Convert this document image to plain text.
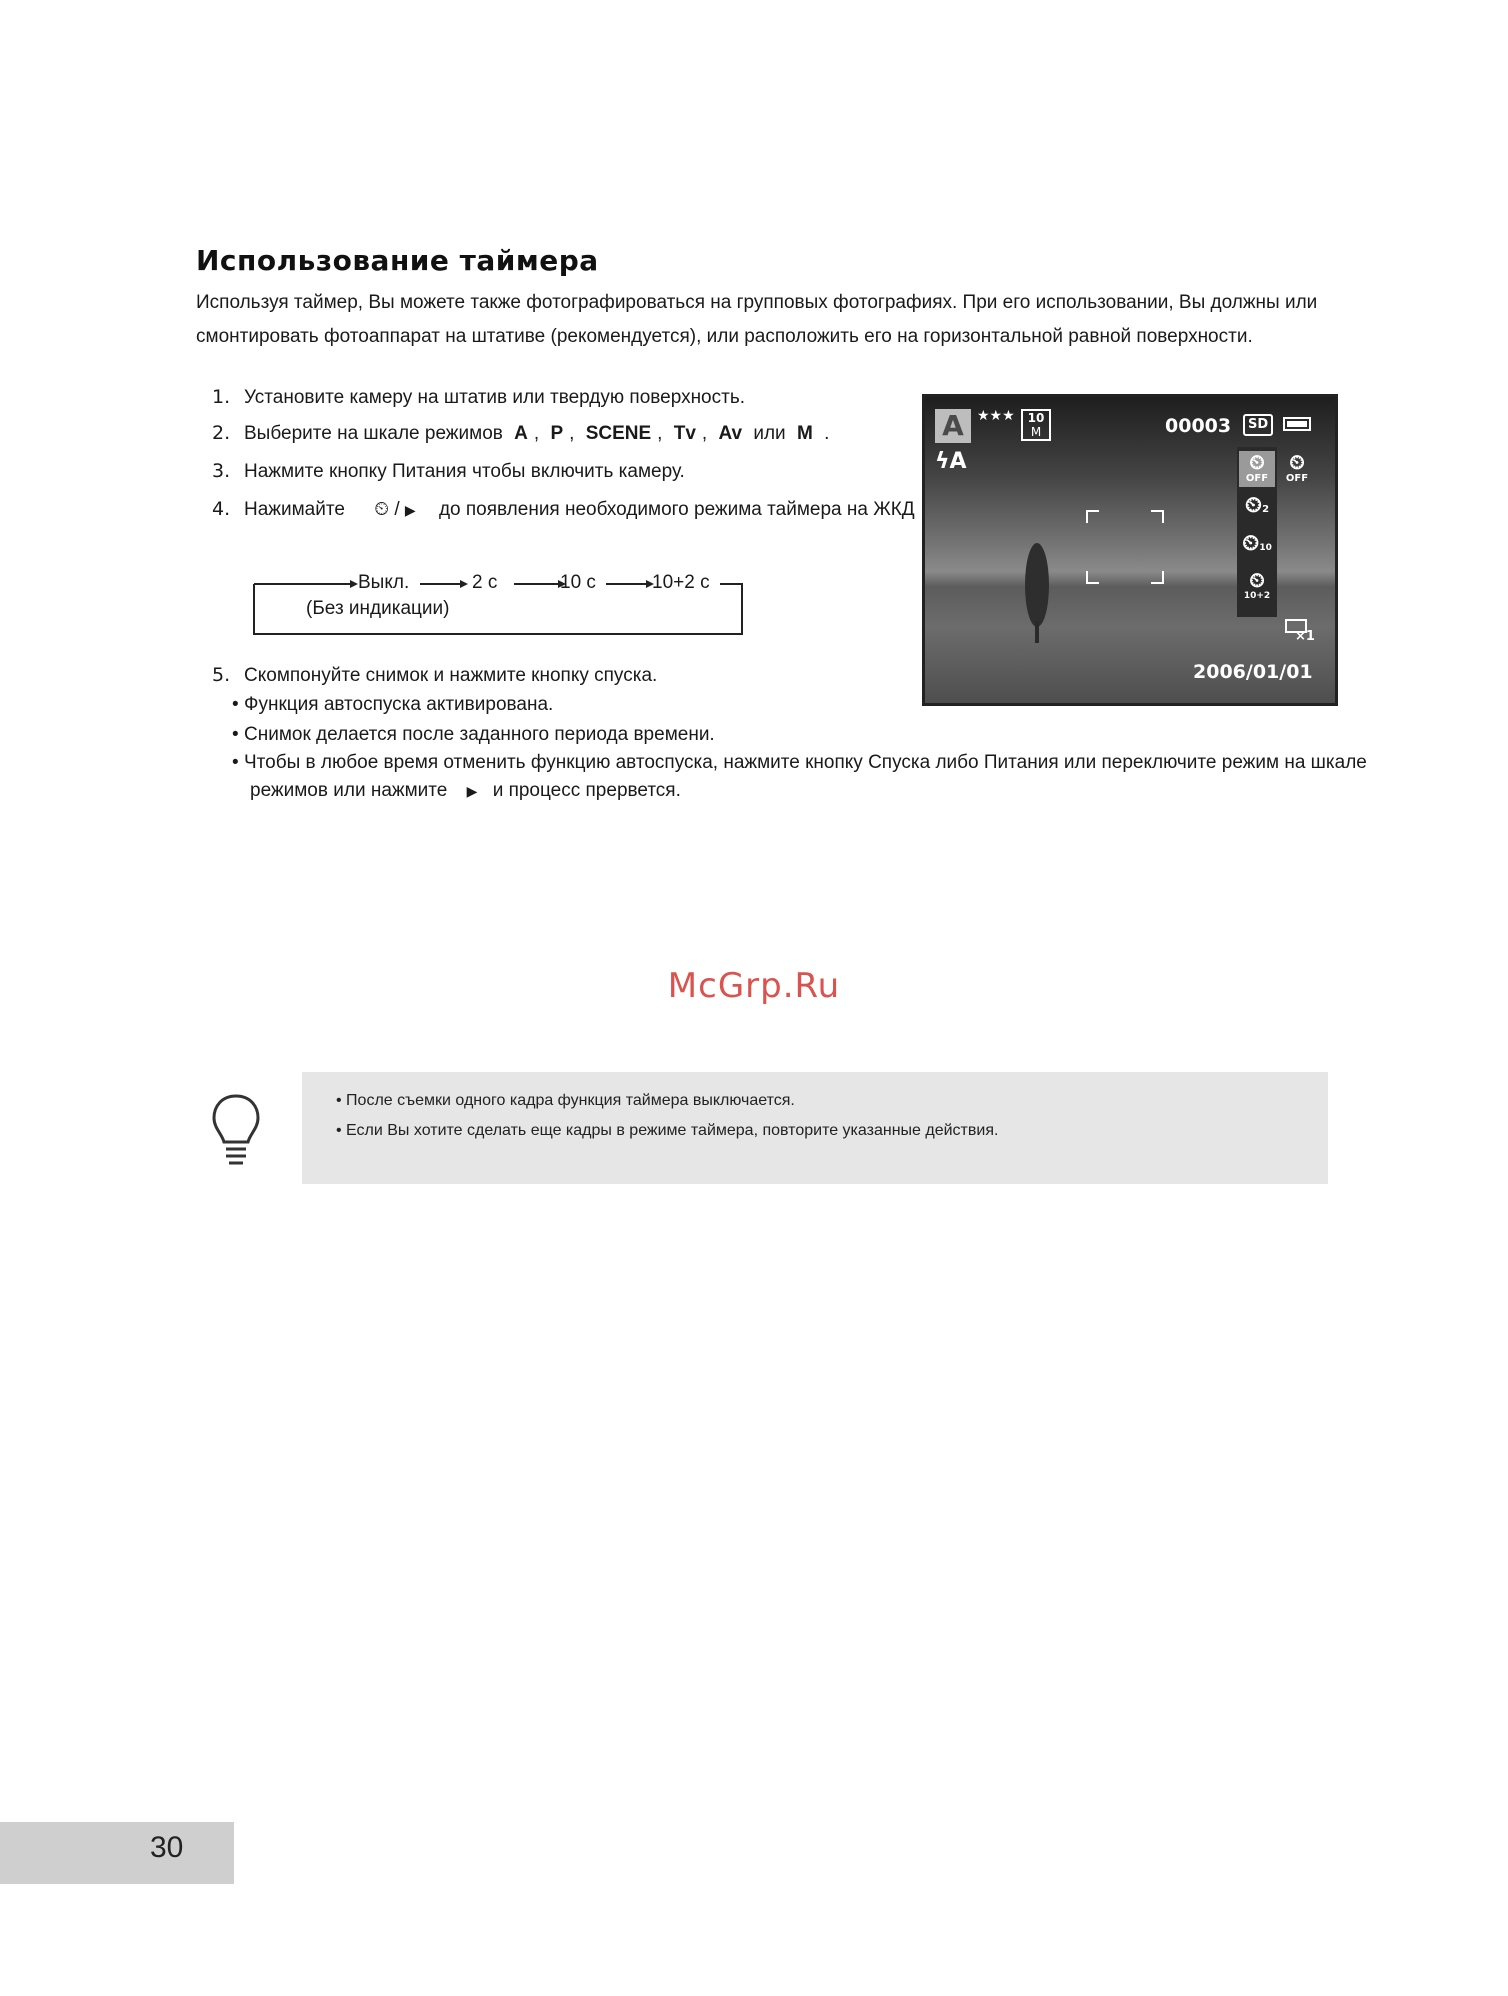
Использование таймера
Используя таймер, Вы можете также фотографироваться на групповых фотографиях. При его использовании, Вы должны или смонтировать фотоаппарат на штативе (рекомендуется), или расположить его на горизонтальной равной поверхности.
1. Установите камеру на штатив или твердую поверхность.
2. Выберите на шкале режимов A , P , SCENE , Tv , Av или M .
3. Нажмите кнопку Питания чтобы включить камеру.
4. Нажимайте ⏲ / ▶ до появления необходимого режима таймера на ЖКД
Выкл.
(Без индикации)
2 с	10 с	10+2 с
5. Скомпонуйте снимок и нажмите кнопку спуска.
• Функция автоспуска активирована.
• Снимок делается после заданного периода времени.
• Чтобы в любое время отменить функцию автоспуска, нажмите кнопку Спуска либо Питания или переключите режим на шкале
режимов или нажмите ▶ и процесс прервется.
A ★★★	10
M	00003	SD
ϟA	⏲
OFF
⏲
OFF
⏲2
⏲10
⏲
10+2
×1
2006/01/01
McGrp.Ru
• После съемки одного кадра функция таймера выключается.
• Если Вы хотите сделать еще кадры в режиме таймера, повторите указанные действия.
30
